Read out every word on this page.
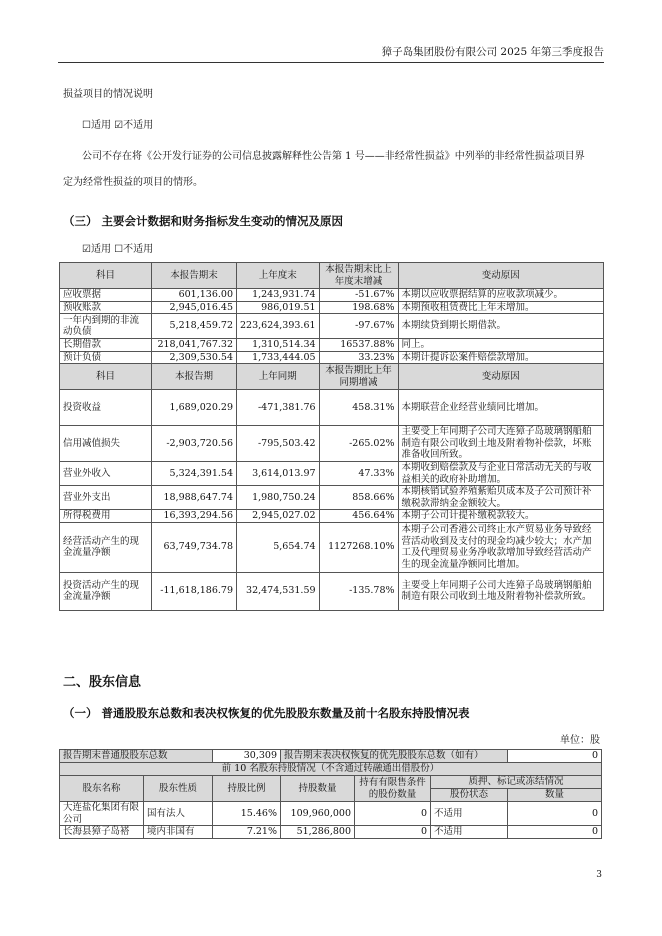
獐子岛集团股份有限公司 2025 年第三季度报告
损益项目的情况说明
☐适用 ☑不适用
公司不存在将《公开发行证券的公司信息披露解释性公告第 1 号——非经常性损益》中列举的非经常性损益项目界
定为经常性损益的项目的情形。
（三） 主要会计数据和财务指标发生变动的情况及原因
☑适用 ☐不适用
科目	本报告期末	上年度末	本报告期末比上年度末增减	变动原因
应收票据	601,136.00	1,243,931.74	-51.67%	本期以应收票据结算的应收款项减少。
预收账款	2,945,016.45	986,019.51	198.68%	本期预收租赁费比上年末增加。
一年内到期的非流动负债	5,218,459.72	223,624,393.61	-97.67%	本期续贷到期长期借款。
长期借款	218,041,767.32	1,310,514.34	16537.88%	同上。
预计负债	2,309,530.54	1,733,444.05	33.23%	本期计提诉讼案件赔偿款增加。
科目	本报告期	上年同期	本报告期比上年同期增减	变动原因
投资收益	1,689,020.29	-471,381.76	458.31%	本期联营企业经营业绩同比增加。
信用减值损失	-2,903,720.56	-795,503.42	-265.02%	主要受上年同期子公司大连獐子岛玻璃钢船舶制造有限公司收到土地及附着物补偿款，坏账准备收回所致。
营业外收入	5,324,391.54	3,614,013.97	47.33%	本期收到赔偿款及与企业日常活动无关的与收益相关的政府补助增加。
营业外支出	18,988,647.74	1,980,750.24	858.66%	本期核销试验养殖紫贻贝成本及子公司预计补缴税款滞纳金金额较大。
所得税费用	16,393,294.56	2,945,027.02	456.64%	本期子公司计提补缴税款较大。
经营活动产生的现金流量净额	63,749,734.78	5,654.74	1127268.10%	本期子公司香港公司终止水产贸易业务导致经营活动收到及支付的现金均减少较大；水产加工及代理贸易业务净收款增加导致经营活动产生的现金流量净额同比增加。
投资活动产生的现金流量净额	-11,618,186.79	32,474,531.59	-135.78%	主要受上年同期子公司大连獐子岛玻璃钢船舶制造有限公司收到土地及附着物补偿款所致。
二、股东信息
（一） 普通股股东总数和表决权恢复的优先股股东数量及前十名股东持股情况表
单位：股
报告期末普通股股东总数		30,309	报告期末表决权恢复的优先股股东总数（如有）			0
前 10 名股东持股情况（不含通过转融通出借股份）						
股东名称	股东性质	持股比例	持股数量	持有有限售条件的股份数量	质押、标记或冻结情况	
					股份状态	数量
大连盐化集团有限公司	国有法人	15.46%	109,960,000	0	不适用	0
长海县獐子岛褡	境内非国有	7.21%	51,286,800	0	不适用	0
3
